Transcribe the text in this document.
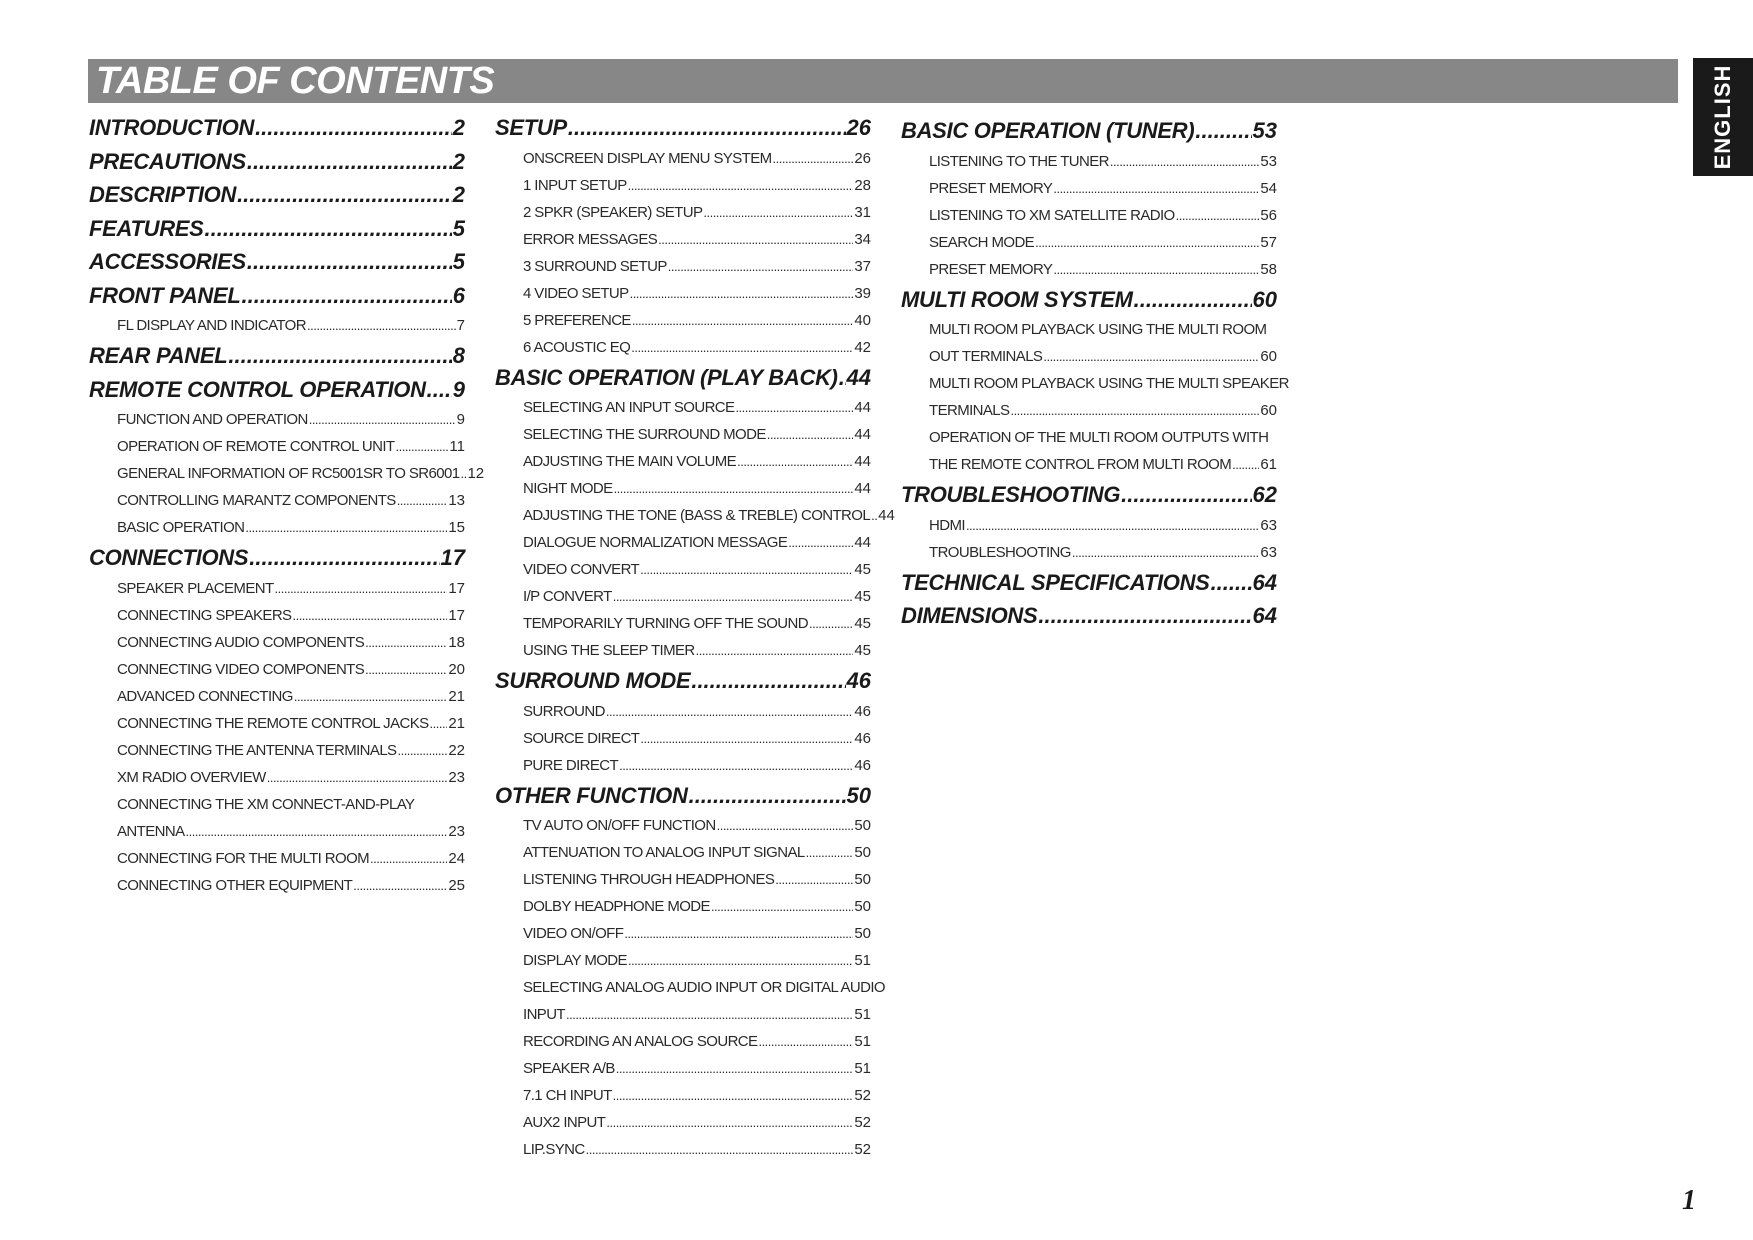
TABLE OF CONTENTS	ENGLISH
INTRODUCTION .....	2
PRECAUTIONS .....	2
DESCRIPTION .....	2
FEATURES .....	5
ACCESSORIES .....	5
FRONT PANEL .....	6
FL DISPLAY AND INDICATOR .....	7
REAR PANEL .....	8
REMOTE CONTROL OPERATION ..... 9
FUNCTION AND OPERATION .....	9
OPERATION OF REMOTE CONTROL UNIT .....	11
GENERAL INFORMATION OF RC5001SR TO SR6001 ..... 12
CONTROLLING MARANTZ COMPONENTS .....	13
BASIC OPERATION .....	15
CONNECTIONS .....	17
SPEAKER PLACEMENT .....	17
CONNECTING SPEAKERS .....	17
CONNECTING AUDIO COMPONENTS .....	18
CONNECTING VIDEO COMPONENTS .....	20
ADVANCED CONNECTING .....	21
CONNECTING THE REMOTE CONTROL JACKS ..... 21
CONNECTING THE ANTENNA TERMINALS .....	22
XM RADIO OVERVIEW .....	23
CONNECTING THE XM CONNECT-AND-PLAY
ANTENNA .....	23
CONNECTING FOR THE MULTI ROOM .....	24
CONNECTING OTHER EQUIPMENT .....	25
SETUP .....	26
ONSCREEN DISPLAY MENU SYSTEM .....	26
1 INPUT SETUP .....	28
2 SPKR (SPEAKER) SETUP .....	31
ERROR MESSAGES .....	34
3 SURROUND SETUP .....	37
4 VIDEO SETUP .....	39
5 PREFERENCE .....	40
6 ACOUSTIC EQ .....	42
BASIC OPERATION (PLAY BACK) ..... 44
SELECTING AN INPUT SOURCE .....	44
SELECTING THE SURROUND MODE .....	44
ADJUSTING THE MAIN VOLUME .....	44
NIGHT MODE .....	44
ADJUSTING THE TONE (BASS & TREBLE) CONTROL ..... 44
DIALOGUE NORMALIZATION MESSAGE .....	44
VIDEO CONVERT .....	45
I/P CONVERT .....	45
TEMPORARILY TURNING OFF THE SOUND .....	45
USING THE SLEEP TIMER .....	45
SURROUND MODE .....	46
SURROUND .....	46
SOURCE DIRECT .....	46
PURE DIRECT .....	46
OTHER FUNCTION .....	50
TV AUTO ON/OFF FUNCTION .....	50
ATTENUATION TO ANALOG INPUT SIGNAL .....	50
LISTENING THROUGH HEADPHONES .....	50
DOLBY HEADPHONE MODE .....	50
VIDEO ON/OFF .....	50
DISPLAY MODE .....	51
SELECTING ANALOG AUDIO INPUT OR DIGITAL AUDIO
INPUT .....	51
RECORDING AN ANALOG SOURCE .....	51
SPEAKER A/B .....	51
7.1 CH INPUT .....	52
AUX2 INPUT .....	52
LIP.SYNC .....	52
BASIC OPERATION (TUNER) .....	53
LISTENING TO THE TUNER .....	53
PRESET MEMORY .....	54
LISTENING TO XM SATELLITE RADIO .....	56
SEARCH MODE .....	57
PRESET MEMORY .....	58
MULTI ROOM SYSTEM .....	60
MULTI ROOM PLAYBACK USING THE MULTI ROOM
OUT TERMINALS .....	60
MULTI ROOM PLAYBACK USING THE MULTI SPEAKER
TERMINALS .....	60
OPERATION OF THE MULTI ROOM OUTPUTS WITH
THE REMOTE CONTROL FROM MULTI ROOM ..... 61
TROUBLESHOOTING .....	62
HDMI .....	63
TROUBLESHOOTING .....	63
TECHNICAL SPECIFICATIONS ..... 64
DIMENSIONS .....	64
1
